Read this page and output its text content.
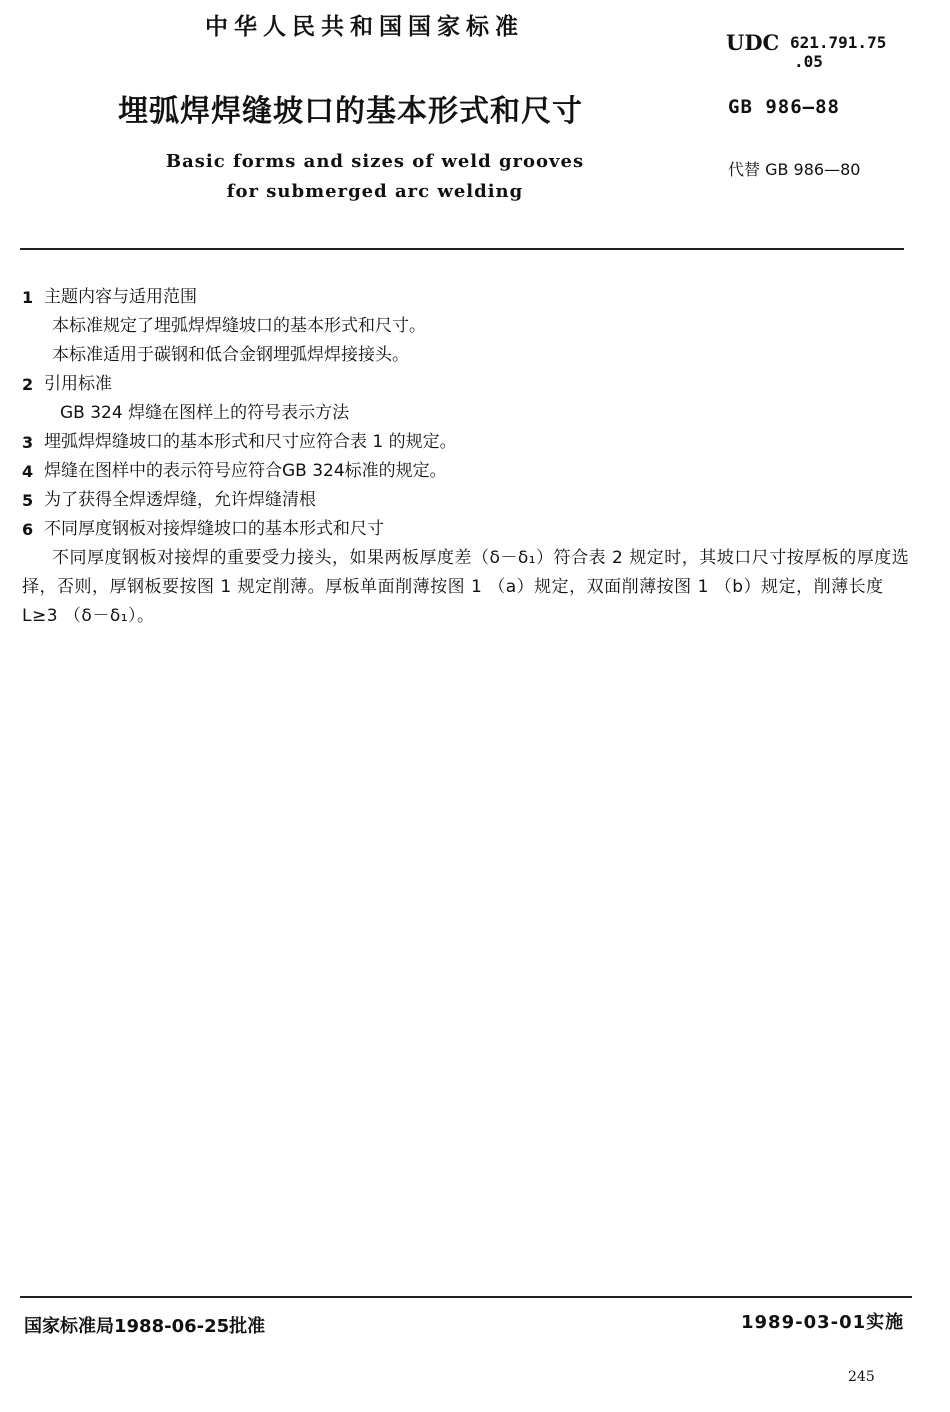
中华人民共和国国家标准
埋弧焊焊缝坡口的基本形式和尺寸
Basic forms and sizes of weld grooves
for submerged arc welding
UDC 621.791.75
.05
GB 986—88
代替 GB 986—80
1 主题内容与适用范围
本标准规定了埋弧焊焊缝坡口的基本形式和尺寸。
本标准适用于碳钢和低合金钢埋弧焊焊接接头。
2 引用标准
GB 324 焊缝在图样上的符号表示方法
3 埋弧焊焊缝坡口的基本形式和尺寸应符合表 1 的规定。
4 焊缝在图样中的表示符号应符合GB 324标准的规定。
5 为了获得全焊透焊缝，允许焊缝清根
6 不同厚度钢板对接焊缝坡口的基本形式和尺寸
不同厚度钢板对接焊的重要受力接头，如果两板厚度差（δ－δ₁）符合表 2 规定时，其坡口尺寸按厚板的厚度选择，否则，厚钢板要按图 1 规定削薄。厚板单面削薄按图 1 （a）规定，双面削薄按图 1 （b）规定，削薄长度L≥3 （δ－δ₁）。
国家标准局1988-06-25批准	1989-03-01实施
245
